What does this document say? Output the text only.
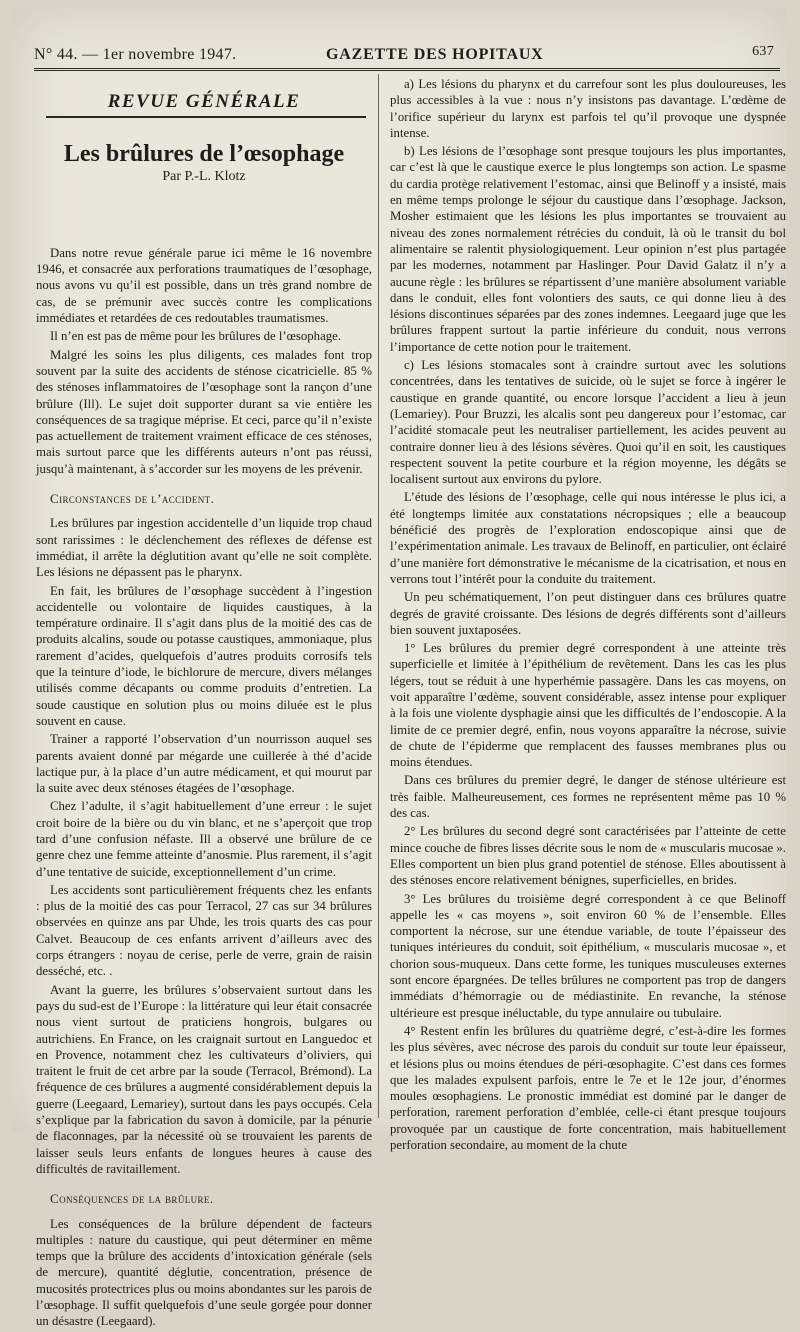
N° 44. — 1er novembre 1947.	GAZETTE DES HOPITAUX	637
REVUE GÉNÉRALE
Les brûlures de l’œsophage
Par P.-L. Klotz

Dans notre revue générale parue ici même le 16 novembre 1946, et consacrée aux perforations traumatiques de l’œsophage, nous avons vu qu’il est possible, dans un très grand nombre de cas, de se prémunir avec succès contre les complications immédiates et retardées de ces redoutables traumatismes.

Il n’en est pas de même pour les brûlures de l’œsophage.

Malgré les soins les plus diligents, ces malades font trop souvent par la suite des accidents de sténose cicatricielle. 85 % des sténoses inflammatoires de l’œsophage sont la rançon d’une brûlure (Ill). Le sujet doit supporter durant sa vie entière les conséquences de sa tragique méprise. Et ceci, parce qu’il n’existe pas actuellement de traitement vraiment efficace de ces sténoses, mais surtout parce que les différents auteurs n’ont pas réussi, jusqu’à maintenant, à s’accorder sur les moyens de les prévenir.

Circonstances de l’accident.

Les brûlures par ingestion accidentelle d’un liquide trop chaud sont rarissimes : le déclenchement des réflexes de défense est immédiat, il arrête la déglutition avant qu’elle ne soit complète. Les lésions ne dépassent pas le pharynx.

En fait, les brûlures de l’œsophage succèdent à l’ingestion accidentelle ou volontaire de liquides caustiques, à la température ordinaire. Il s’agit dans plus de la moitié des cas de produits alcalins, soude ou potasse caustiques, ammoniaque, plus rarement d’acides, quelquefois d’autres produits corrosifs tels que la teinture d’iode, le bichlorure de mercure, divers mélanges utilisés comme décapants ou comme produits d’entretien. La soude caustique en solution plus ou moins diluée est le plus souvent en cause.

Trainer a rapporté l’observation d’un nourrisson auquel ses parents avaient donné par mégarde une cuillerée à thé d’acide lactique pur, à la place d’un autre médicament, et qui mourut par la suite avec deux sténoses étagées de l’œsophage.

Chez l’adulte, il s’agit habituellement d’une erreur : le sujet croit boire de la bière ou du vin blanc, et ne s’aperçoit que trop tard d’une confusion néfaste. Ill a observé une brûlure de ce genre chez une femme atteinte d’anosmie. Plus rarement, il s’agit d’une tentative de suicide, exceptionnellement d’un crime.

Les accidents sont particulièrement fréquents chez les enfants : plus de la moitié des cas pour Terracol, 27 cas sur 34 brûlures observées en quinze ans par Uhde, les trois quarts des cas pour Calvet. Beaucoup de ces enfants arrivent d’ailleurs avec des corps étrangers : noyau de cerise, perle de verre, grain de raisin desséché, etc. .

Avant la guerre, les brûlures s’observaient surtout dans les pays du sud-est de l’Europe : la littérature qui leur était consacrée nous vient surtout de praticiens hongrois, bulgares ou autrichiens. En France, on les craignait surtout en Languedoc et en Provence, notamment chez les cultivateurs d’oliviers, qui traitent le fruit de cet arbre par la soude (Terracol, Brémond). La fréquence de ces brûlures a augmenté considérablement depuis la guerre (Leegaard, Lemariey), surtout dans les pays occupés. Cela s’explique par la fabrication du savon à domicile, par la pénurie de flaconnages, par la nécessité où se trouvaient les parents de laisser seuls leurs enfants de longues heures à cause des difficultés de ravitaillement.

Conséquences de la brûlure.

Les conséquences de la brûlure dépendent de facteurs multiples : nature du caustique, qui peut déterminer en même temps que la brûlure des accidents d’intoxication générale (sels de mercure), quantité déglutie, concentration, présence de mucosités protectrices plus ou moins abondantes sur les parois de l’œsophage. Il suffit quelquefois d’une seule gorgée pour donner un désastre (Leegaard).

a) Les lésions du pharynx et du carrefour sont les plus douloureuses, les plus accessibles à la vue : nous n’y insistons pas davantage. L’œdème de l’orifice supérieur du larynx est parfois tel qu’il provoque une dyspnée intense.

b) Les lésions de l’œsophage sont presque toujours les plus importantes, car c’est là que le caustique exerce le plus longtemps son action. Le spasme du cardia protège relativement l’estomac, ainsi que Belinoff y a insisté, mais en même temps prolonge le séjour du caustique dans l’œsophage. Jackson, Mosher estimaient que les lésions les plus importantes se trouvaient au niveau des zones normalement rétrécies du conduit, là où le transit du bol alimentaire se ralentit physiologiquement. Leur opinion n’est plus partagée par les modernes, notamment par Haslinger. Pour David Galatz il n’y a aucune règle : les brûlures se répartissent d’une manière absolument variable dans le conduit, elles font volontiers des sauts, ce qui donne lieu à des lésions discontinues séparées par des zones indemnes. Leegaard juge que les brûlures frappent surtout la partie inférieure du conduit, nous verrons l’importance de cette notion pour le traitement.

c) Les lésions stomacales sont à craindre surtout avec les solutions concentrées, dans les tentatives de suicide, où le sujet se force à ingérer le caustique en grande quantité, ou encore lorsque l’accident a lieu à jeun (Lemariey). Pour Bruzzi, les alcalis sont peu dangereux pour l’estomac, car l’acidité stomacale peut les neutraliser partiellement, les acides peuvent au contraire donner lieu à des lésions sévères. Quoi qu’il en soit, les caustiques respectent souvent la petite courbure et la région moyenne, les dégâts se localisent surtout aux environs du pylore.

L’étude des lésions de l’œsophage, celle qui nous intéresse le plus ici, a été longtemps limitée aux constatations nécropsiques ; elle a beaucoup bénéficié des progrès de l’exploration endoscopique ainsi que de l’expérimentation animale. Les travaux de Belinoff, en particulier, ont éclairé d’une manière fort démonstrative le mécanisme de la cicatrisation, et nous en verrons tout l’intérêt pour la conduite du traitement.

Un peu schématiquement, l’on peut distinguer dans ces brûlures quatre degrés de gravité croissante. Des lésions de degrés différents sont d’ailleurs bien souvent juxtaposées.

1° Les brûlures du premier degré correspondent à une atteinte très superficielle et limitée à l’épithélium de revêtement. Dans les cas les plus légers, tout se réduit à une hyperhémie passagère. Dans les cas moyens, on voit apparaître l’œdème, souvent considérable, assez intense pour expliquer à la fois une violente dysphagie ainsi que les difficultés de l’endoscopie. A la limite de ce premier degré, enfin, nous voyons apparaître la nécrose, suivie de chute de l’épiderme que remplacent des fausses membranes plus ou moins étendues.

Dans ces brûlures du premier degré, le danger de sténose ultérieure est très faible. Malheureusement, ces formes ne représentent même pas 10 % des cas.

2° Les brûlures du second degré sont caractérisées par l’atteinte de cette mince couche de fibres lisses décrite sous le nom de « muscularis mucosae ». Elles comportent un bien plus grand potentiel de sténose. Elles aboutissent à des sténoses encore relativement bénignes, superficielles, en brides.

3° Les brûlures du troisième degré correspondent à ce que Belinoff appelle les « cas moyens », soit environ 60 % de l’ensemble. Elles comportent la nécrose, sur une étendue variable, de toute l’épaisseur des tuniques intérieures du conduit, soit épithélium, « muscularis mucosae », et chorion sous-muqueux. Dans cette forme, les tuniques musculeuses externes sont encore épargnées. De telles brûlures ne comportent pas trop de dangers immédiats d’hémorragie ou de médiastinite. En revanche, la sténose ultérieure est presque inéluctable, du type annulaire ou tubulaire.

4° Restent enfin les brûlures du quatrième degré, c’est-à-dire les formes les plus sévères, avec nécrose des parois du conduit sur toute leur épaisseur, et lésions plus ou moins étendues de péri-œsophagite. C’est dans ces formes que les malades expulsent parfois, entre le 7e et le 12e jour, d’énormes moules œsophagiens. Le pronostic immédiat est dominé par le danger de perforation, rarement perforation d’emblée, celle-ci étant presque toujours provoquée par un caustique de forte concentration, mais habituellement perforation secondaire, au moment de la chute
